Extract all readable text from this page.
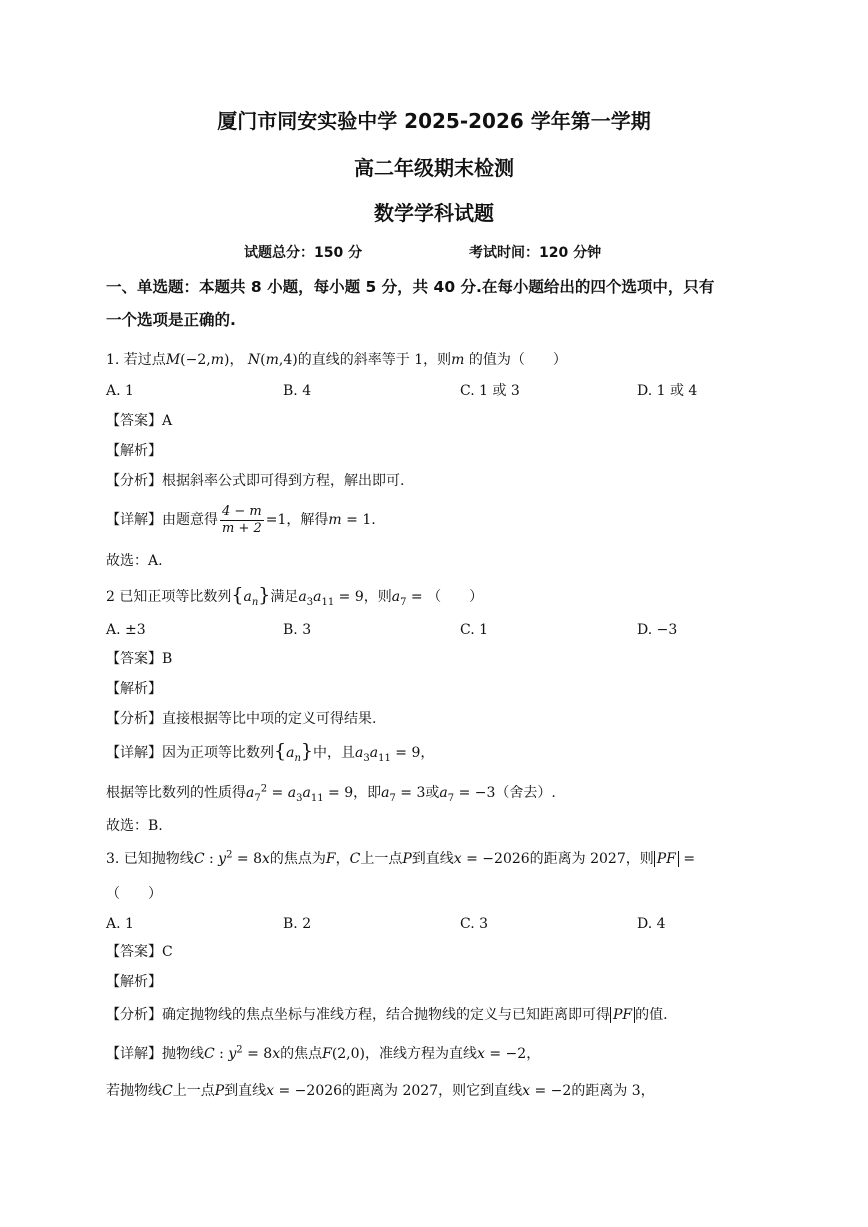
厦门市同安实验中学 2025-2026 学年第一学期
高二年级期末检测
数学学科试题
试题总分：150 分	考试时间：120 分钟
一、单选题：本题共 8 小题，每小题 5 分，共 40 分.在每小题给出的四个选项中，只有
一个选项是正确的.
1. 若过点M(−2,m)， N(m,4)的直线的斜率等于 1，则m 的值为（　　）
A. 1	B. 4	C. 1 或 3	D. 1 或 4
【答案】A
【解析】
【分析】根据斜率公式即可得到方程，解出即可.
【详解】由题意得 $\frac{4 - m}{m + 2} =1$，解得m = 1.
故选：A.
2 已知正项等比数列$\{a_n\}$满足$a_3a_{11} = 9$，则$a_7$ = （　　）
A. ±3	B. 3	C. 1	D. −3
【答案】B
【解析】
【分析】直接根据等比中项的定义可得结果.
【详解】因为正项等比数列$\{a_n\}$中，且$a_3a_{11} = 9$，
根据等比数列的性质得$a_7^2 = a_3a_{11} = 9$，即$a_7 = 3$或$a_7 = -3$（舍去）.
故选：B.
3. 已知抛物线C : $y^2 = 8x$的焦点为F，C上一点P到直线x = −2026的距离为 2027，则 PF =
（　　）
A. 1	B. 2	C. 3	D. 4
【答案】C
【解析】
【分析】确定抛物线的焦点坐标与准线方程，结合抛物线的定义与已知距离即可得 PF 的值.
【详解】抛物线C : $y^2 = 8x$的焦点F(2,0)，准线方程为直线x = −2，
若抛物线C上一点P到直线x = −2026的距离为 2027，则它到直线x = −2的距离为 3，
